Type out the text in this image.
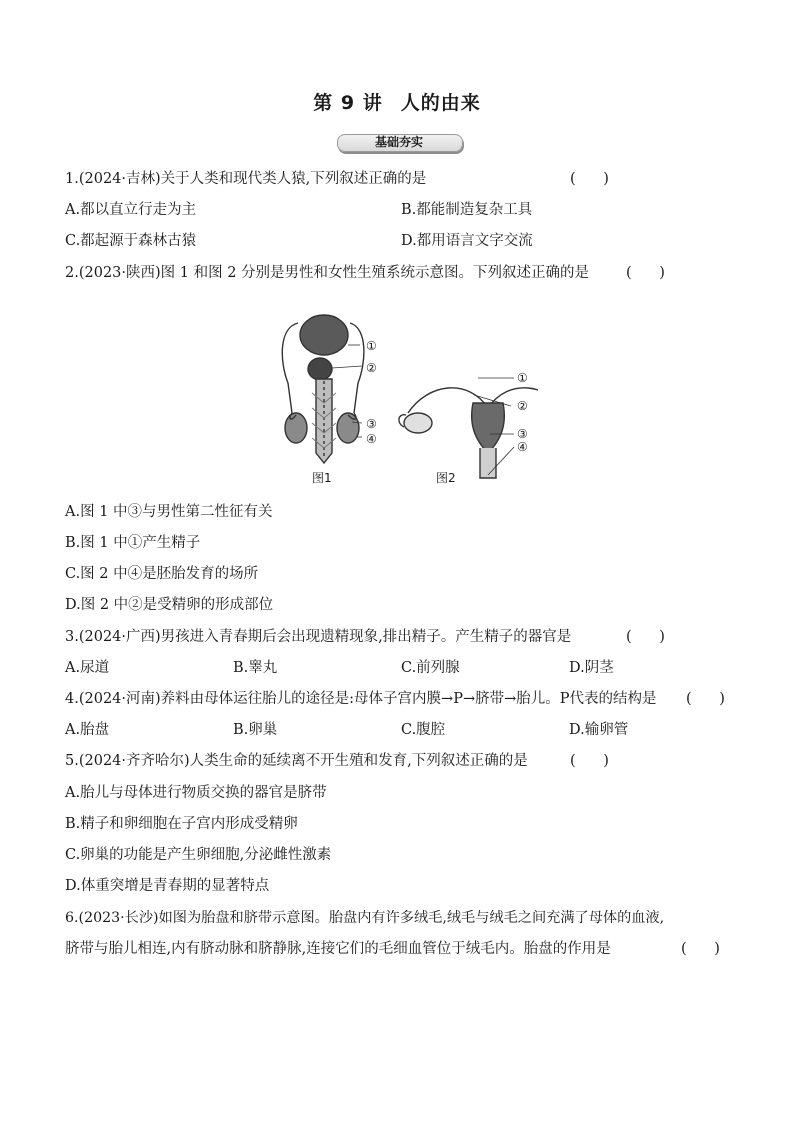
第 9 讲 人的由来
基础夯实
1.(2024·吉林)关于人类和现代类人猿,下列叙述正确的是	(      )
A.都以直立行走为主	B.都能制造复杂工具
C.都起源于森林古猿	D.都用语言文字交流
2.(2023·陕西)图 1 和图 2 分别是男性和女性生殖系统示意图。下列叙述正确的是	(      )
①
②
③
④
①
②
③
④
图1	图2
A.图 1 中③与男性第二性征有关
B.图 1 中①产生精子
C.图 2 中④是胚胎发育的场所
D.图 2 中②是受精卵的形成部位
3.(2024·广西)男孩进入青春期后会出现遗精现象,排出精子。产生精子的器官是	(      )
A.尿道	B.睾丸	C.前列腺	D.阴茎
4.(2024·河南)养料由母体运往胎儿的途径是:母体子宫内膜→P→脐带→胎儿。P代表的结构是 (      )
A.胎盘	B.卵巢	C.腹腔	D.输卵管
5.(2024·齐齐哈尔)人类生命的延续离不开生殖和发育,下列叙述正确的是	(      )
A.胎儿与母体进行物质交换的器官是脐带
B.精子和卵细胞在子宫内形成受精卵
C.卵巢的功能是产生卵细胞,分泌雌性激素
D.体重突增是青春期的显著特点
6.(2023·长沙)如图为胎盘和脐带示意图。胎盘内有许多绒毛,绒毛与绒毛之间充满了母体的血液,
脐带与胎儿相连,内有脐动脉和脐静脉,连接它们的毛细血管位于绒毛内。胎盘的作用是	(      )
